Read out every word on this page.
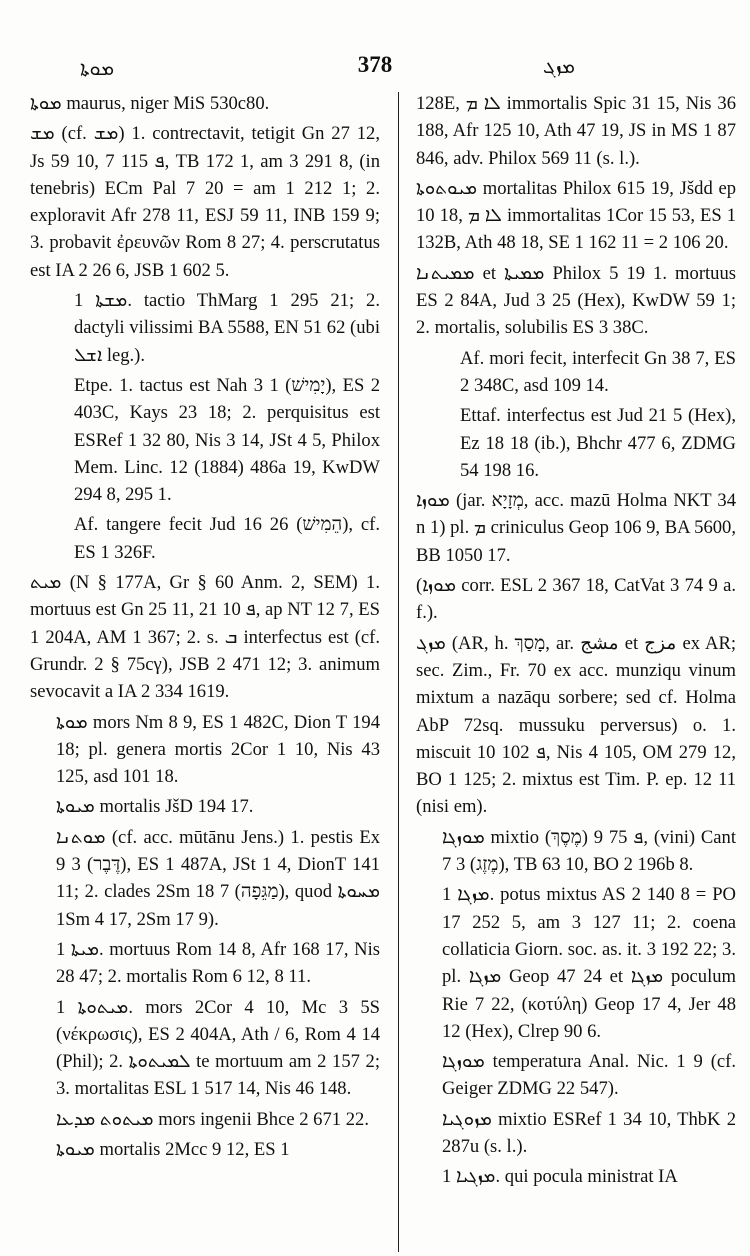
ܡܘܬܐ	378	ܡܙܓ

ܡܘܬܐ maurus, niger MiS 530c80.

ܡܫ (cf. ܡܫ) 1. contrectavit, tetigit Gn 27 12, Js 59 10, ܦ 115 7, TB 172 1, am 3 291 8, (in tenebris) ECm Pal 7 20 = am 1 212 1; 2. exploravit Afr 278 11, ESJ 59 11, INB 159 9; 3. probavit ἐρευνῶν Rom 8 27; 4. perscrutatus est IA 2 26 6, JSB 1 602 5.

ܡܫܬܐ 1. tactio ThMarg 1 295 21; 2. dactyli vilissimi BA 5588, EN 51 62 (ubi ܐܫܠ leg.).

Etpe. 1. tactus est Nah 3 1 (יָמִישׁ), ES 2 403C, Kays 23 18; 2. perquisitus est ESRef 1 32 80, Nis 3 14, JSt 4 5, Philox Mem. Linc. 12 (1884) 486a 19, KwDW 294 8, 295 1.

Af. tangere fecit Jud 16 26 (הֵמִישׁ), cf. ES 1 326F.

ܡܝܬ (N § 177A, Gr § 60 Anm. 2, SEM) 1. mortuus est Gn 25 11, ܦ 10 21, ap NT 12 7, ES 1 204A, AM 1 367; 2. s. ܒ interfectus est (cf. Grundr. 2 § 75cγ), JSB 2 471 12; 3. animum sevocavit a IA 2 334 1619.

ܡܘܬܐ mors Nm 8 9, ES 1 482C, Dion T 194 18; pl. genera mortis 2Cor 1 10, Nis 43 125, asd 101 18.

ܡܝܘܬܐ mortalis JšD 194 17.

ܡܘܬܢܐ (cf. acc. mūtānu Jens.) 1. pestis Ex 9 3 (דֶּבֶר), ES 1 487A, JSt 1 4, DionT 141 11; 2. clades 2Sm 18 7 (מַגֵּפָה), quod ܡܚܘܬܐ 1Sm 4 17, 2Sm 17 9).

ܡܝܬܐ 1. mortuus Rom 14 8, Afr 168 17, Nis 28 47; 2. mortalis Rom 6 12, 8 11.

ܡܝܬܘܬܐ 1. mors 2Cor 4 10, Mc 3 5S (νέκρωσις), ES 2 404A, Ath / 6, Rom 4 14 (Phil); 2. ܠܡܝܬܘܬܐ te mortuum am 2 157 2; 3. mortalitas ESL 1 517 14, Nis 46 148.

ܡܝܬܘܬ ܡܕܥܐ mors ingenii Bhce 2 671 22.

ܡܝܘܬܐ mortalis 2Mcc 9 12, ES 1

128E, ܠܐ ܡ immortalis Spic 31 15, Nis 36 188, Afr 125 10, Ath 47 19, JS in MS 1 87 846, adv. Philox 569 11 (s. l.).

ܡܝܘܬܘܬܐ mortalitas Philox 615 19, Jšdd ep 10 18, ܠܐ ܡ immortalitas 1Cor 15 53, ES 1 132B, Ath 48 18, SE 1 162 11 = 2 106 20.

ܡܡܝܬܢܐ et ܡܡܝܬܐ Philox 5 19 1. mortuus ES 2 84A, Jud 3 25 (Hex), KwDW 59 1; 2. mortalis, solubilis ES 3 38C.

Af. mori fecit, interfecit Gn 38 7, ES 2 348C, asd 109 14.

Ettaf. interfectus est Jud 21 5 (Hex), Ez 18 18 (ib.), Bhchr 477 6, ZDMG 54 198 16.

ܡܘܙܐ (jar. מְזָיָא, acc. mazū Holma NKT 34 n 1) pl. ܡ criniculus Geop 106 9, BA 5600, BB 1050 17.

(ܡܘܙܐ corr. ESL 2 367 18, CatVat 3 74 9 a. f.).

ܡܙܓ (AR, h. מָסַךְ, ar. مشج et مزج ex AR; sec. Zim., Fr. 70 ex acc. munziqu vinum mixtum a nazāqu sorbere; sed cf. Holma AbP 72sq. mussuku perversus) o. 1. miscuit ܦ 102 10, Nis 4 105, OM 279 12, BO 1 125; 2. mixtus est Tim. P. ep. 12 11 (nisi em).

ܡܘܙܓܐ mixtio ܦ 75 9 (מֶסֶךְ), (vini) Cant 7 3 (מֶזֶג), TB 63 10, BO 2 196b 8.

ܡܙܓܐ 1. potus mixtus AS 2 140 8 = PO 17 252 5, am 3 127 11; 2. coena collaticia Giorn. soc. as. it. 3 192 22; 3. pl. ܡܙܓܐ Geop 47 24 et ܡܙܓܐ poculum Rie 7 22, (κοτύλη) Geop 17 4, Jer 48 12 (Hex), Clrep 90 6.

ܡܘܙܓܐ temperatura Anal. Nic. 1 9 (cf. Geiger ZDMG 22 547).

ܡܙܘܓܝܐ mixtio ESRef 1 34 10, ThbK 2 287u (s. l.).

ܡܙܓܝܐ 1. qui pocula ministrat IA
